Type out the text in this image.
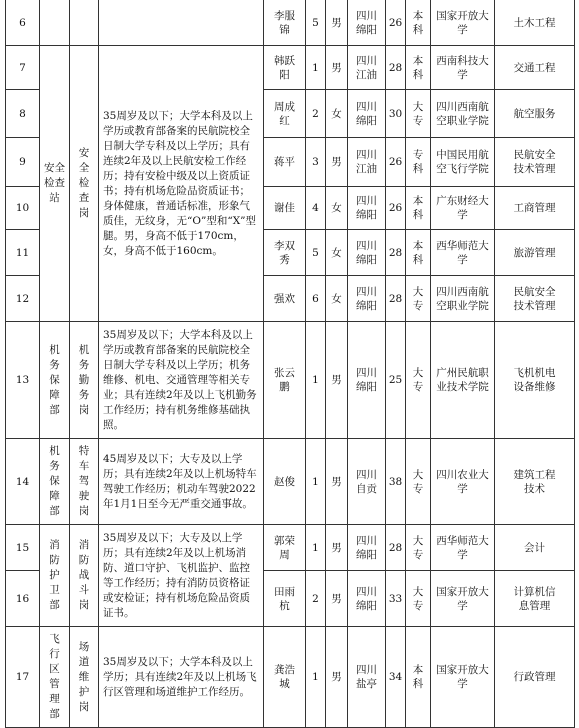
6				李服锦	5	男	四川绵阳	26	本科	国家开放大学	土木工程
7	安全检查站	安全检查岗	35周岁及以下；大学本科及以上学历或教育部备案的民航院校全日制大学专科及以上学历；具有连续2年及以上民航安检工作经历；持有安检中级及以上资质证书；持有机场危险品资质证书；身体健康，普通话标准，形象气质佳，无纹身，无“O”型和“X”型腿。男，身高不低于170cm，女，身高不低于160cm。	韩跃阳	1	男	四川江油	28	本科	西南科技大学	交通工程
8				周成红	2	女	四川绵阳	30	大专	四川西南航空职业学院	航空服务
9				蒋平	3	男	四川江油	26	专科	中国民用航空飞行学院	民航安全技术管理
10				谢佳	4	女	四川绵阳	26	本科	广东财经大学	工商管理
11				李双秀	5	女	四川绵阳	28	本科	西华师范大学	旅游管理
12				强欢	6	女	四川绵阳	28	大专	四川西南航空职业学院	民航安全技术管理
13	机务保障部	机务勤务岗	35周岁及以下；大学本科及以上学历或教育部备案的民航院校全日制大学专科及以上学历；机务维修、机电、交通管理等相关专业；具有连续2年及以上飞机勤务工作经历；持有机务维修基础执照。	张云鹏	1	男	四川绵阳	25	大专	广州民航职业技术学院	飞机机电设备维修
14	机务保障部	特车驾驶岗	45周岁及以下；大专及以上学历；具有连续2年及以上机场特车驾驶工作经历；机动车驾驶2022年1月1日至今无严重交通事故。	赵俊	1	男	四川自贡	38	大专	四川农业大学	建筑工程技术
15	消防护卫部	消防战斗岗	35周岁及以下；大专及以上学历；具有连续2年及以上机场消防、道口守护、飞机监护、监控等工作经历；持有消防员资格证或安检证；持有机场危险品资质证书。	郭荣周	1	男	四川绵阳	28	大专	西华师范大学	会计
16				田雨杭	2	男	四川绵阳	33	大专	国家开放大学	计算机信息管理
17	飞行区管理部	场道维护岗	35周岁及以下；大学本科及以上学历；具有连续2年及以上机场飞行区管理和场道维护工作经历。	龚浩城	1	男	四川盐亭	34	本科	国家开放大学	行政管理
